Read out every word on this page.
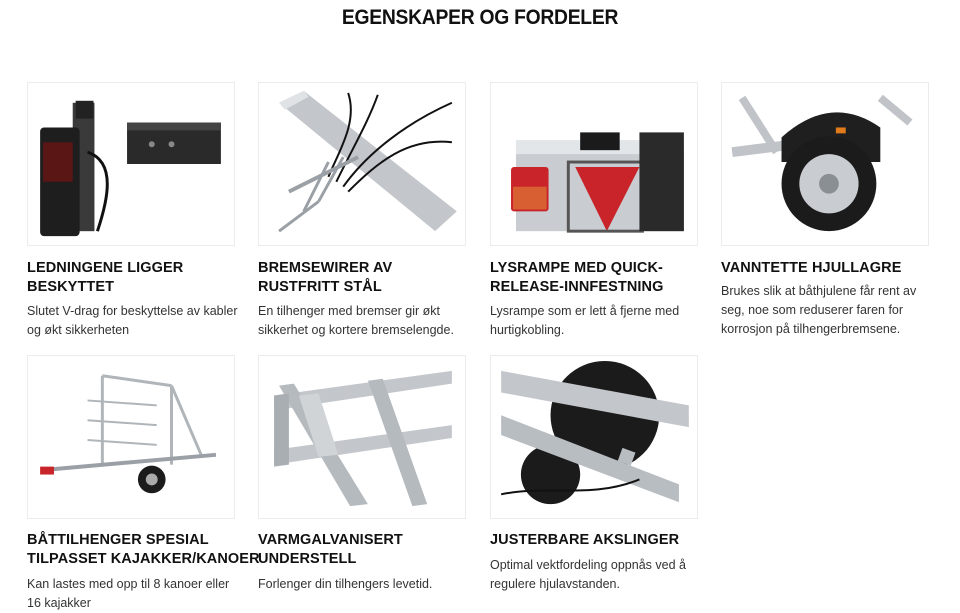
EGENSKAPER OG FORDELER
LEDNINGENE LIGGER BESKYTTET
Slutet V-drag for beskyttelse av kabler og økt sikkerheten
BREMSEWIRER AV RUSTFRITT STÅL
En tilhenger med bremser gir økt sikkerhet og kortere bremselengde.
LYSRAMPE MED QUICK-RELEASE-INNFESTNING
Lysrampe som er lett å fjerne med hurtigkobling.
VANNTETTE HJULLAGRE
Brukes slik at båthjulene får rent av seg, noe som reduserer faren for korrosjon på tilhengerbremsene.
BÅTTILHENGER SPESIAL TILPASSET KAJAKKER/KANOER
Kan lastes med opp til 8 kanoer eller 16 kajakker
VARMGALVANISERT UNDERSTELL
Forlenger din tilhengers levetid.
JUSTERBARE AKSLINGER
Optimal vektfordeling oppnås ved å regulere hjulavstanden.
